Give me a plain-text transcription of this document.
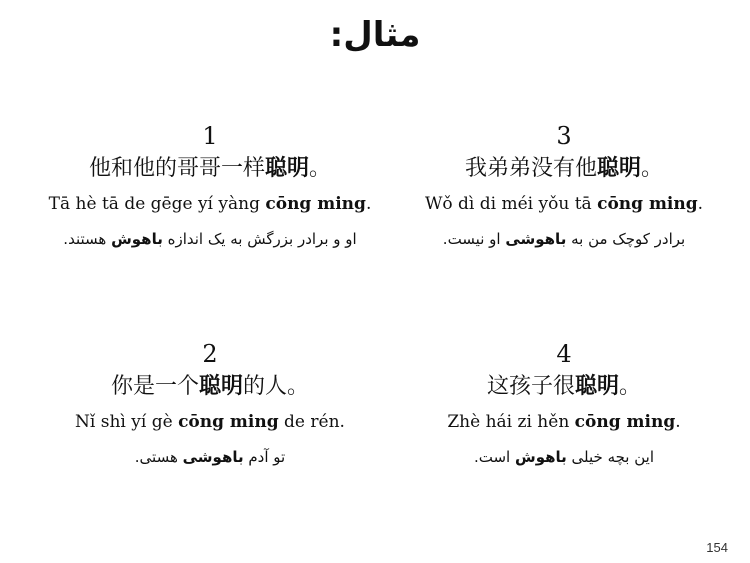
مثال:
1
他和他的哥哥一样聪明。
Tā hè tā de gēge yí yàng cōng ming.
او و برادر بزرگش به یک اندازه باهوش هستند.
3
我弟弟没有他聪明。
Wǒ dì di méi yǒu tā cōng ming.
برادر کوچک من به باهوشی او نیست.
2
你是一个聪明的人。
Nǐ shì yí gè cōng ming de rén.
تو آدم باهوشی هستی.
4
这孩子很聪明。
Zhè hái zi hěn cōng ming.
این بچه خیلی باهوش است.
154
